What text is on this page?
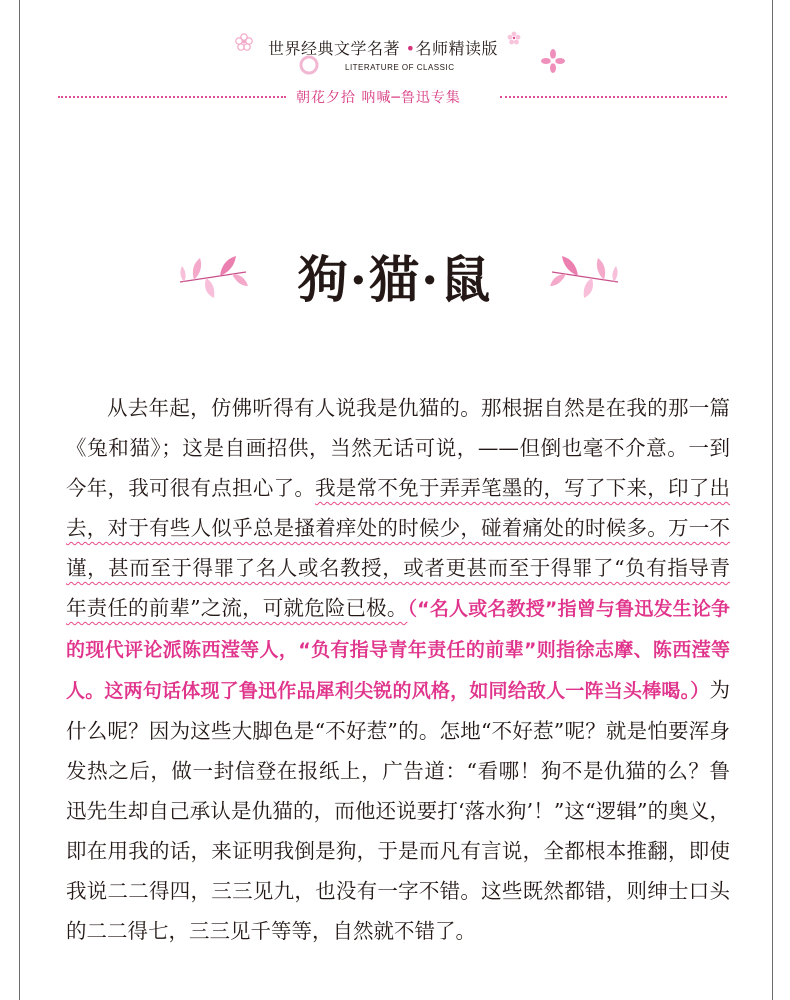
世界经典文学名著 •名师精读版
LITERATURE OF CLASSIC
朝花夕拾 呐喊─鲁迅专集
狗·猫·鼠

从去年起，仿佛听得有人说我是仇猫的。那根据自然是在我的那一篇《兔和猫》；这是自画招供，当然无话可说，——但倒也毫不介意。一到今年，我可很有点担心了。我是常不免于弄弄笔墨的，写了下来，印了出去，对于有些人似乎总是搔着痒处的时候少，碰着痛处的时候多。万一不谨，甚而至于得罪了名人或名教授，或者更甚而至于得罪了“负有指导青年责任的前辈”之流，可就危险已极。（“名人或名教授”指曾与鲁迅发生论争的现代评论派陈西滢等人，“负有指导青年责任的前辈”则指徐志摩、陈西滢等人。这两句话体现了鲁迅作品犀利尖锐的风格，如同给敌人一阵当头棒喝。）为什么呢？因为这些大脚色是“不好惹”的。怎地“不好惹”呢？就是怕要浑身发热之后，做一封信登在报纸上，广告道：“看哪！狗不是仇猫的么？鲁迅先生却自己承认是仇猫的，而他还说要打‘落水狗’！”这“逻辑”的奥义，即在用我的话，来证明我倒是狗，于是而凡有言说，全都根本推翻，即使我说二二得四，三三见九，也没有一字不错。这些既然都错，则绅士口头的二二得七，三三见千等等，自然就不错了。
